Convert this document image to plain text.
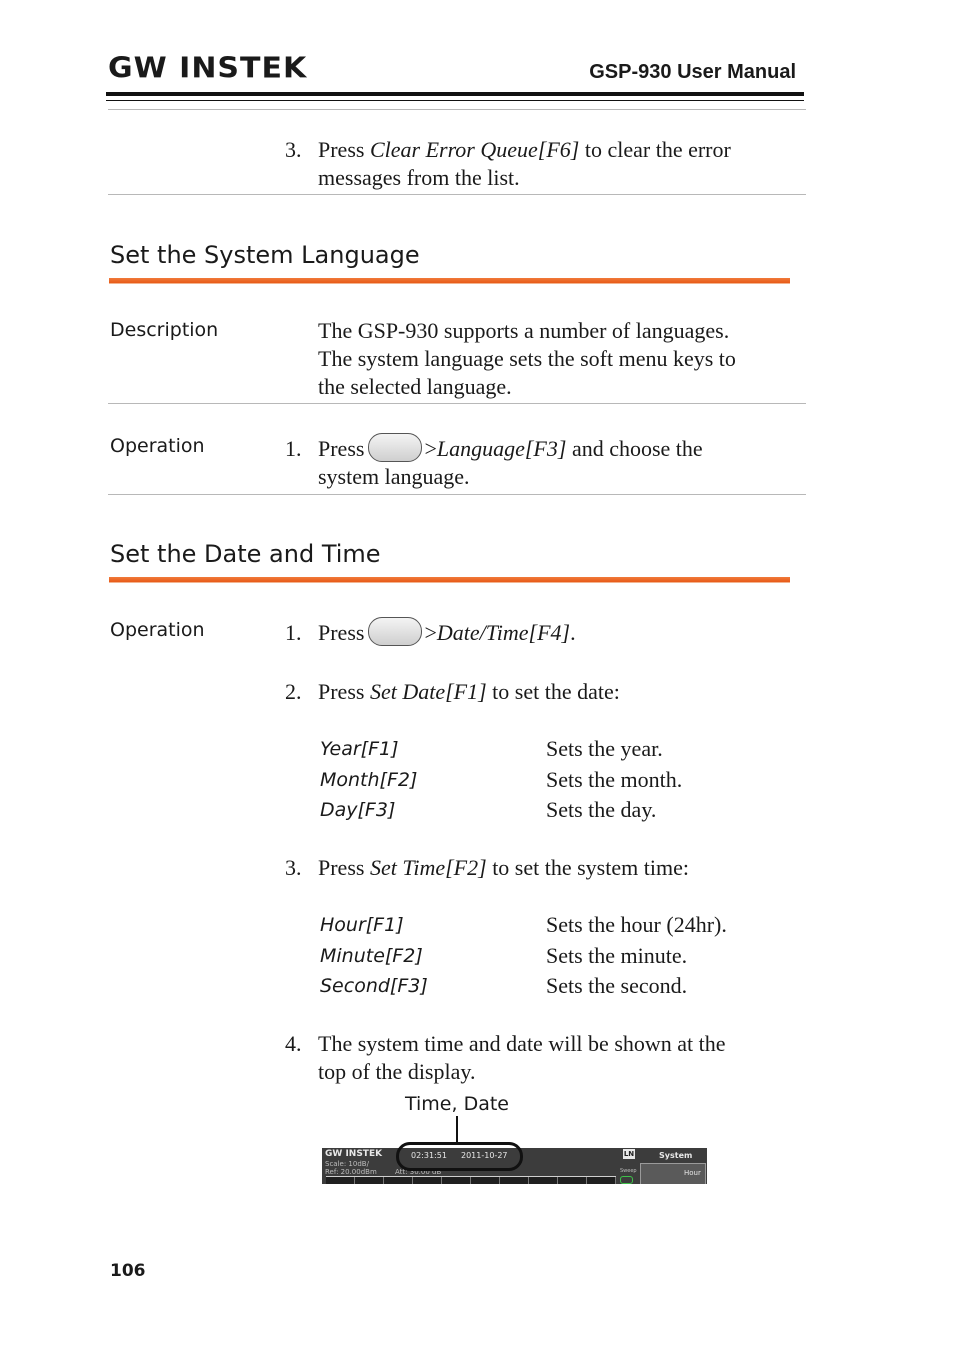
GW INSTEK	GSP-930 User Manual
3. Press Clear Error Queue[F6] to clear the error
messages from the list.
Set the System Language
Description	The GSP-930 supports a number of languages.
The system language sets the soft menu keys to
the selected language.
Operation	1. Press	>Language[F3] and choose the
system language.
Set the Date and Time
Operation	1. Press	>Date/Time[F4].
2. Press Set Date[F1] to set the date:
Year[F1]	Sets the year.
Month[F2]	Sets the month.
Day[F3]	Sets the day.
3. Press Set Time[F2] to set the system time:
Hour[F1]	Sets the hour (24hr).
Minute[F2]	Sets the minute.
Second[F3]	Sets the second.
4. The system time and date will be shown at the
top of the display.
Time, Date
GW INSTEK
Scale: 10dB/
Ref: 20.00dBm
02:31:51 2011-10-27
Att: 30.00 dB
LN	System
Sweep	Hour
106
